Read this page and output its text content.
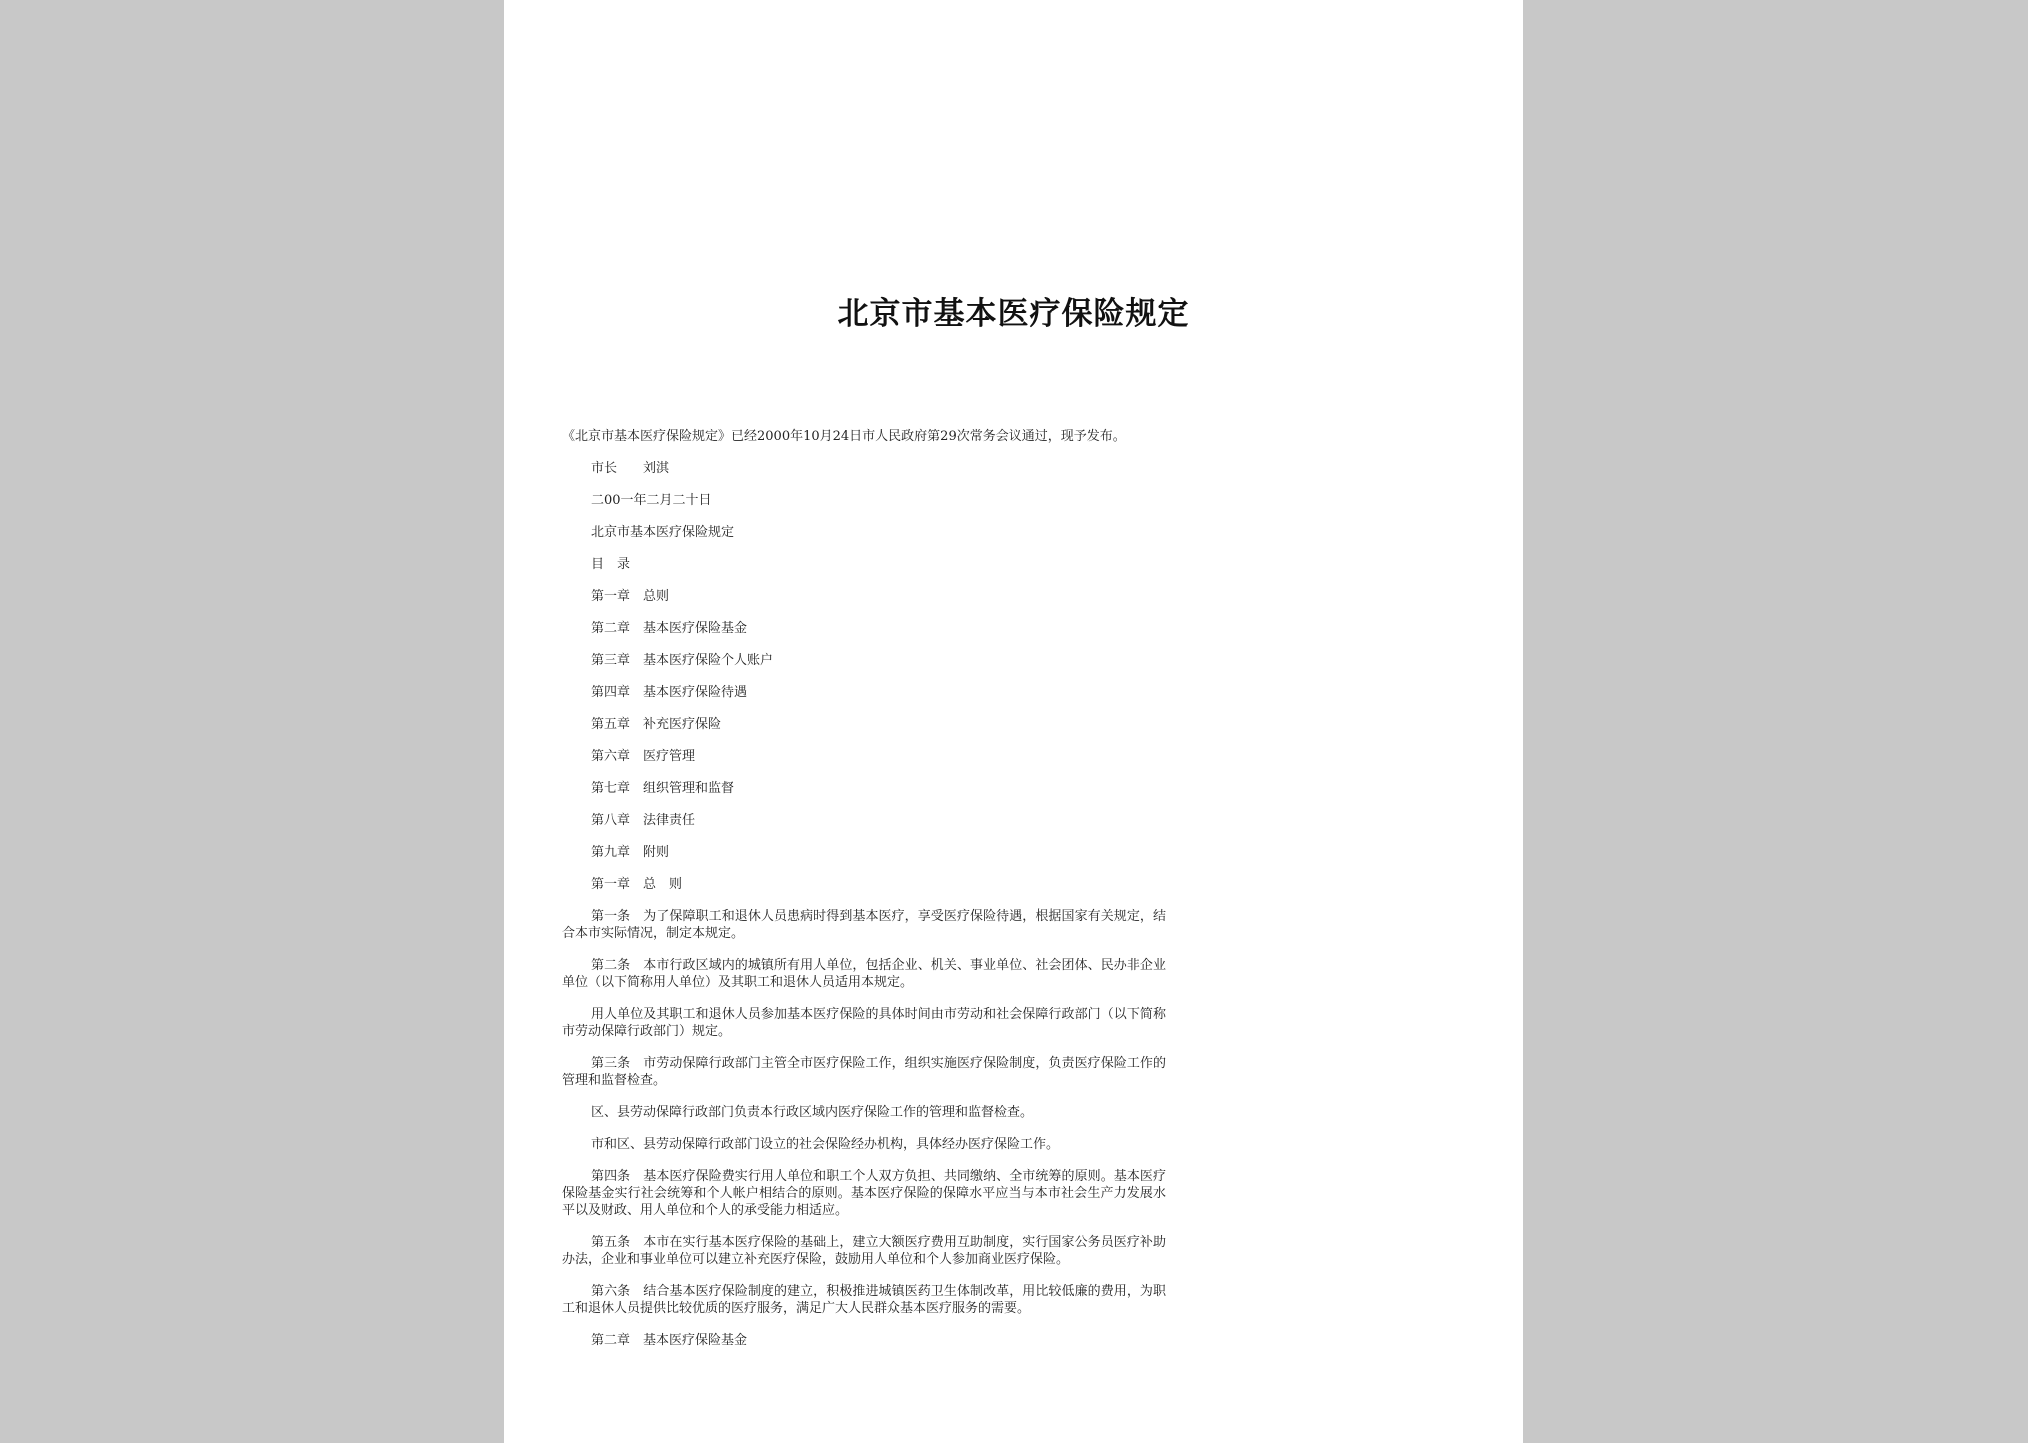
北京市基本医疗保险规定
《北京市基本医疗保险规定》已经2000年10月24日市人民政府第29次常务会议通过，现予发布。
市长　　刘淇
二00一年二月二十日
北京市基本医疗保险规定
目　录
第一章　总则
第二章　基本医疗保险基金
第三章　基本医疗保险个人账户
第四章　基本医疗保险待遇
第五章　补充医疗保险
第六章　医疗管理
第七章　组织管理和监督
第八章　法律责任
第九章　附则
第一章　总　则
第一条　为了保障职工和退休人员患病时得到基本医疗，享受医疗保险待遇，根据国家有关规定，结合本市实际情况，制定本规定。
第二条　本市行政区域内的城镇所有用人单位，包括企业、机关、事业单位、社会团体、民办非企业单位（以下简称用人单位）及其职工和退休人员适用本规定。
用人单位及其职工和退休人员参加基本医疗保险的具体时间由市劳动和社会保障行政部门（以下简称市劳动保障行政部门）规定。
第三条　市劳动保障行政部门主管全市医疗保险工作，组织实施医疗保险制度，负责医疗保险工作的管理和监督检查。
区、县劳动保障行政部门负责本行政区域内医疗保险工作的管理和监督检查。
市和区、县劳动保障行政部门设立的社会保险经办机构，具体经办医疗保险工作。
第四条　基本医疗保险费实行用人单位和职工个人双方负担、共同缴纳、全市统筹的原则。基本医疗保险基金实行社会统筹和个人帐户相结合的原则。基本医疗保险的保障水平应当与本市社会生产力发展水平以及财政、用人单位和个人的承受能力相适应。
第五条　本市在实行基本医疗保险的基础上，建立大额医疗费用互助制度，实行国家公务员医疗补助办法，企业和事业单位可以建立补充医疗保险，鼓励用人单位和个人参加商业医疗保险。
第六条　结合基本医疗保险制度的建立，积极推进城镇医药卫生体制改革，用比较低廉的费用，为职工和退休人员提供比较优质的医疗服务，满足广大人民群众基本医疗服务的需要。
第二章　基本医疗保险基金
